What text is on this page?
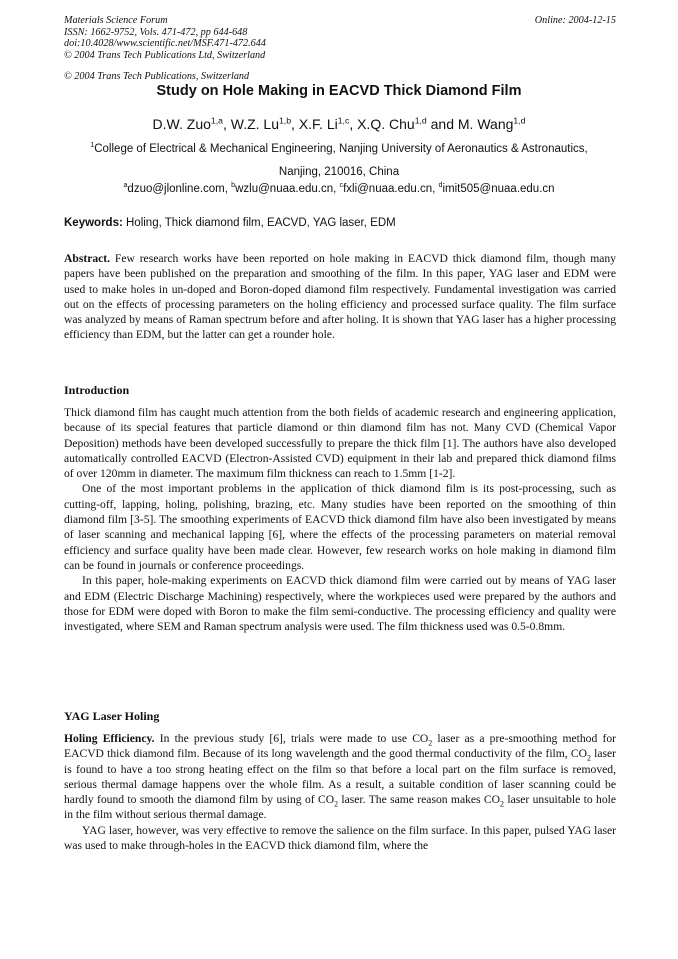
Materials Science Forum
ISSN: 1662-9752, Vols. 471-472, pp 644-648
doi:10.4028/www.scientific.net/MSF.471-472.644
© 2004 Trans Tech Publications Ltd, Switzerland
© 2004 Trans Tech Publications, Switzerland
Online: 2004-12-15
Study on Hole Making in EACVD Thick Diamond Film
D.W. Zuo$^{1,a}$, W.Z. Lu$^{1,b}$, X.F. Li$^{1,c}$, X.Q. Chu$^{1,d}$ and M. Wang$^{1,d}$
$^1$College of Electrical & Mechanical Engineering, Nanjing University of Aeronautics & Astronautics,
Nanjing, 210016, China
$^a$dzuo@jlonline.com, $^b$wzlu@nuaa.edu.cn, $^c$fxli@nuaa.edu.cn, $^d$imit505@nuaa.edu.cn
Keywords: Holing, Thick diamond film, EACVD, YAG laser, EDM

Abstract. Few research works have been reported on hole making in EACVD thick diamond film, though many papers have been published on the preparation and smoothing of the film. In this paper, YAG laser and EDM were used to make holes in un-doped and Boron-doped diamond film respectively. Fundamental investigation was carried out on the effects of processing parameters on the holing efficiency and processed surface quality. The film surface was analyzed by means of Raman spectrum before and after holing. It is shown that YAG laser has a higher processing efficiency than EDM, but the latter can get a rounder hole.

Introduction

Thick diamond film has caught much attention from the both fields of academic research and engineering application, because of its special features that particle diamond or thin diamond film has not. Many CVD (Chemical Vapor Deposition) methods have been developed successfully to prepare the thick film [1]. The authors have also developed automatically controlled EACVD (Electron-Assisted CVD) equipment in their lab and prepared thick diamond films of over 120mm in diameter. The maximum film thickness can reach to 1.5mm [1-2].

One of the most important problems in the application of thick diamond film is its post-processing, such as cutting-off, lapping, holing, polishing, brazing, etc. Many studies have been reported on the smoothing of thin diamond film [3-5]. The smoothing experiments of EACVD thick diamond film have also been investigated by means of laser scanning and mechanical lapping [6], where the effects of the processing parameters on material removal efficiency and surface quality have been made clear. However, few research works on hole making in diamond film can be found in journals or conference proceedings.

In this paper, hole-making experiments on EACVD thick diamond film were carried out by means of YAG laser and EDM (Electric Discharge Machining) respectively, where the workpieces used were prepared by the authors and those for EDM were doped with Boron to make the film semi-conductive. The processing efficiency and quality were investigated, where SEM and Raman spectrum analysis were used. The film thickness used was 0.5-0.8mm.

YAG Laser Holing

Holing Efficiency. In the previous study [6], trials were made to use $CO_2$ laser as a pre-smoothing method for EACVD thick diamond film. Because of its long wavelength and the good thermal conductivity of the film, $CO_2$ laser is found to have a too strong heating effect on the film so that before a local part on the film surface is removed, serious thermal damage happens over the whole film. As a result, a suitable condition of laser scanning could be hardly found to smooth the diamond film by using of $CO_2$ laser. The same reason makes $CO_2$ laser unsuitable to hole in the film without serious thermal damage.

YAG laser, however, was very effective to remove the salience on the film surface. In this paper, pulsed YAG laser was used to make through-holes in the EACVD thick diamond film, where the
